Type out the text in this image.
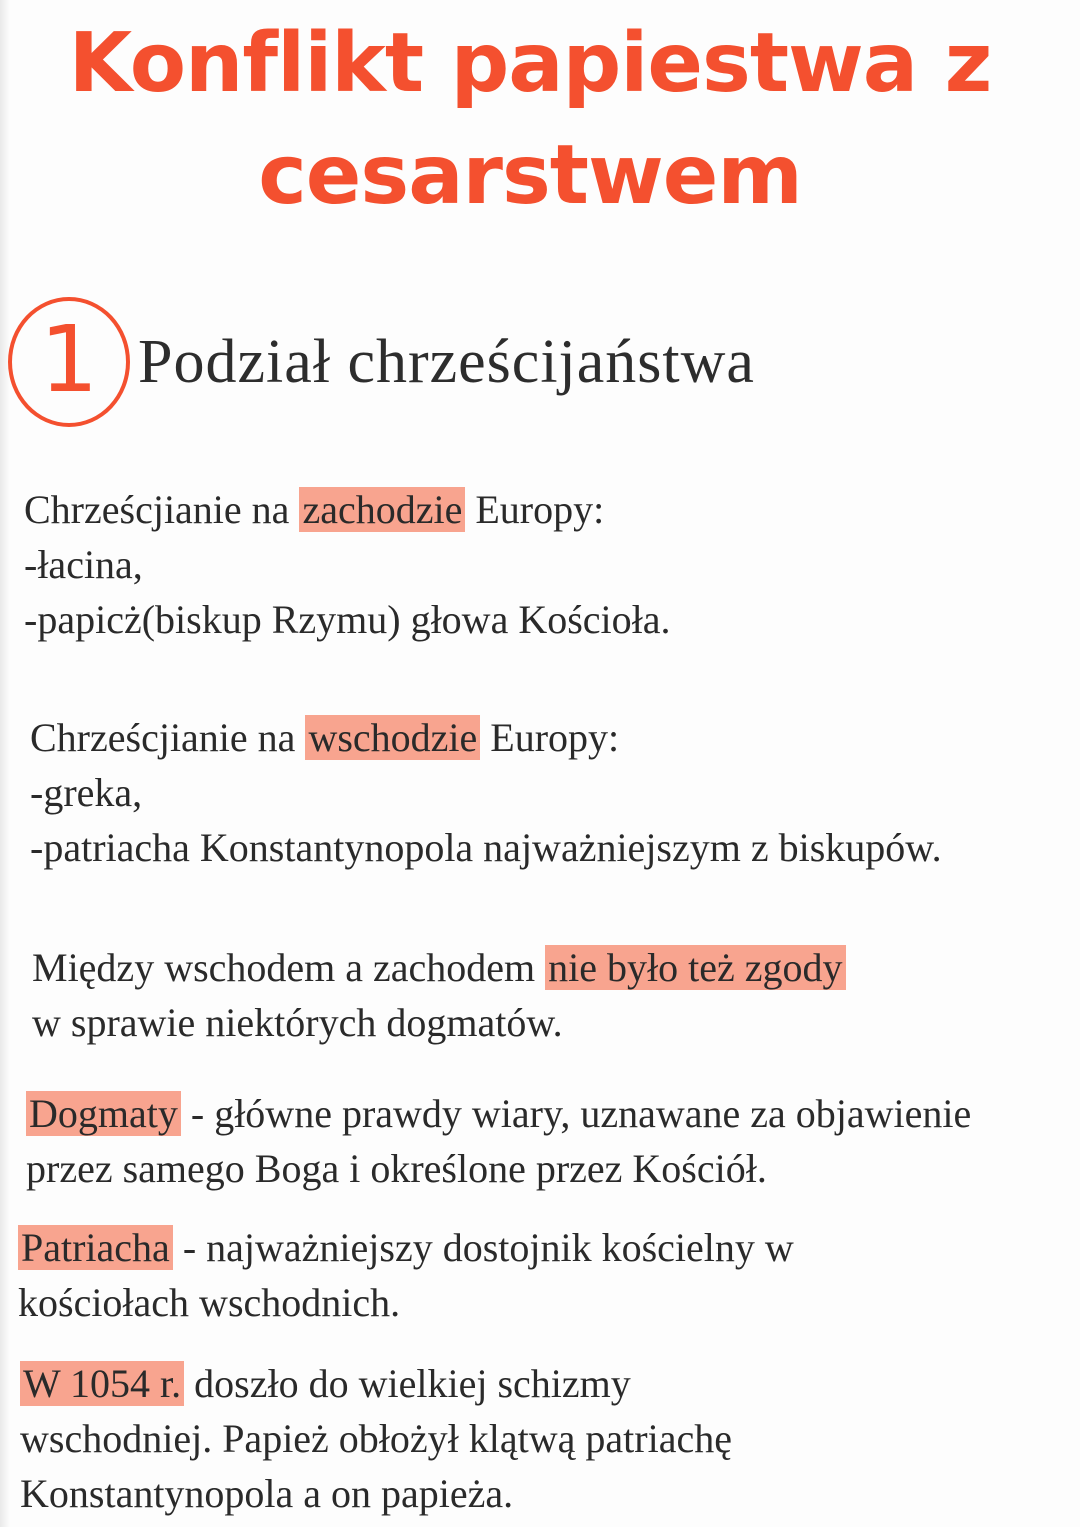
Konflikt papiestwa z
cesarstwem
1 Podział chrześcijaństwa
Chrześcjianie na zachodzie Europy:
-łacina,
-papicż(biskup Rzymu) głowa Kościoła.
Chrześcjianie na wschodzie Europy:
-greka,
-patriacha Konstantynopola najważniejszym z biskupów.
Między wschodem a zachodem nie było też zgody
w sprawie niektórych dogmatów.
Dogmaty - główne prawdy wiary, uznawane za objawienie
przez samego Boga i określone przez Kościół.
Patriacha - najważniejszy dostojnik kościelny w
kościołach wschodnich.
W 1054 r. doszło do wielkiej schizmy
wschodniej. Papież obłożył klątwą patriachę
Konstantynopola a on papieża.
